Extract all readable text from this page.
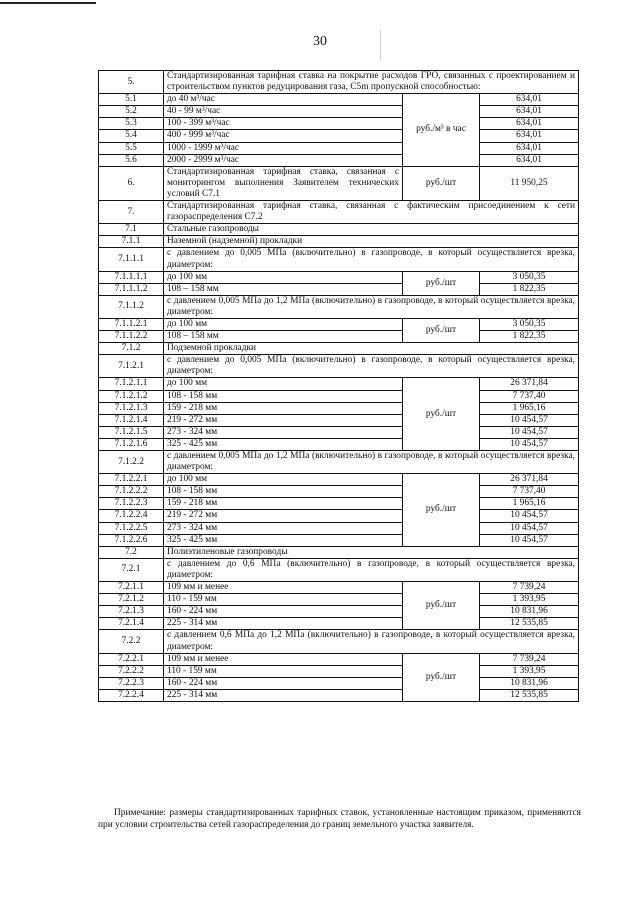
30
5.	Стандартизированная тарифная ставка на покрытие расходов ГРО, связанных с проектированием и строительством пунктов редуцирования газа, C5m пропускной способностью:		
5.1	до 40 м³/час	руб./м³ в час	634,01
5.2	40 - 99 м³/час		634,01
5.3	100 - 399 м³/час		634,01
5.4	400 - 999 м³/час		634,01
5.5	1000 - 1999 м³/час		634,01
5.6	2000 - 2999 м³/час		634,01
6.	Стандартизированная тарифная ставка, связанная с мониторингом выполнения Заявителем технических условий C7.1	руб./шт	11 950,25
7.	Стандартизированная тарифная ставка, связанная с фактическим присоединением к сети газораспределения C7.2		
7.1	Стальные газопроводы		
7.1.1	Наземной (надземной) прокладки		
7.1.1.1	с давлением до 0,005 МПа (включительно) в газопроводе, в который осуществляется врезка, диаметром:		
7.1.1.1.1	до 100 мм	руб./шт	3 050,35
7.1.1.1.2	108 – 158 мм		1 822,35
7.1.1.2	с давлением 0,005 МПа до 1,2 МПа (включительно) в газопроводе, в который осуществляется врезка, диаметром:		
7.1.1.2.1	до 100 мм	руб./шт	3 050,35
7.1.1.2.2	108 – 158 мм		1 822,35
7.1.2	Подземной прокладки		
7.1.2.1	с давлением до 0,005 МПа (включительно) в газопроводе, в который осуществляется врезка, диаметром:		
7.1.2.1.1	до 100 мм	руб./шт	26 371,84
7.1.2.1.2	108 - 158 мм		7 737,40
7.1.2.1.3	159 - 218 мм		1 965,16
7.1.2.1.4	219 - 272 мм		10 454,57
7.1.2.1.5	273 - 324 мм		10 454,57
7.1.2.1.6	325 - 425 мм		10 454,57
7.1.2.2	с давлением 0,005 МПа до 1,2 МПа (включительно) в газопроводе, в который осуществляется врезка, диаметром:		
7.1.2.2.1	до 100 мм	руб./шт	26 371,84
7.1.2.2.2	108 - 158 мм		7 737,40
7.1.2.2.3	159 - 218 мм		1 965,16
7.1.2.2.4	219 - 272 мм		10 454,57
7.1.2.2.5	273 - 324 мм		10 454,57
7.1.2.2.6	325 - 425 мм		10 454,57
7.2	Полиэтиленовые газопроводы		
7.2.1	с давлением до 0,6 МПа (включительно) в газопроводе, в который осуществляется врезка, диаметром:		
7.2.1.1	109 мм и менее	руб./шт	7 739,24
7.2.1.2	110 - 159 мм		1 393,95
7.2.1.3	160 - 224 мм		10 831,96
7.2.1.4	225 - 314 мм		12 535,85
7.2.2	с давлением 0,6 МПа до 1,2 МПа (включительно) в газопроводе, в который осуществляется врезка, диаметром:		
7.2.2.1	109 мм и менее	руб./шт	7 739,24
7.2.2.2	110 - 159 мм		1 393,95
7.2.2.3	160 - 224 мм		10 831,96
7.2.2.4	225 - 314 мм		12 535,85
Примечание: размеры стандартизированных тарифных ставок, установленные настоящим приказом, применяются при условии строительства сетей газораспределения до границ земельного участка заявителя.
